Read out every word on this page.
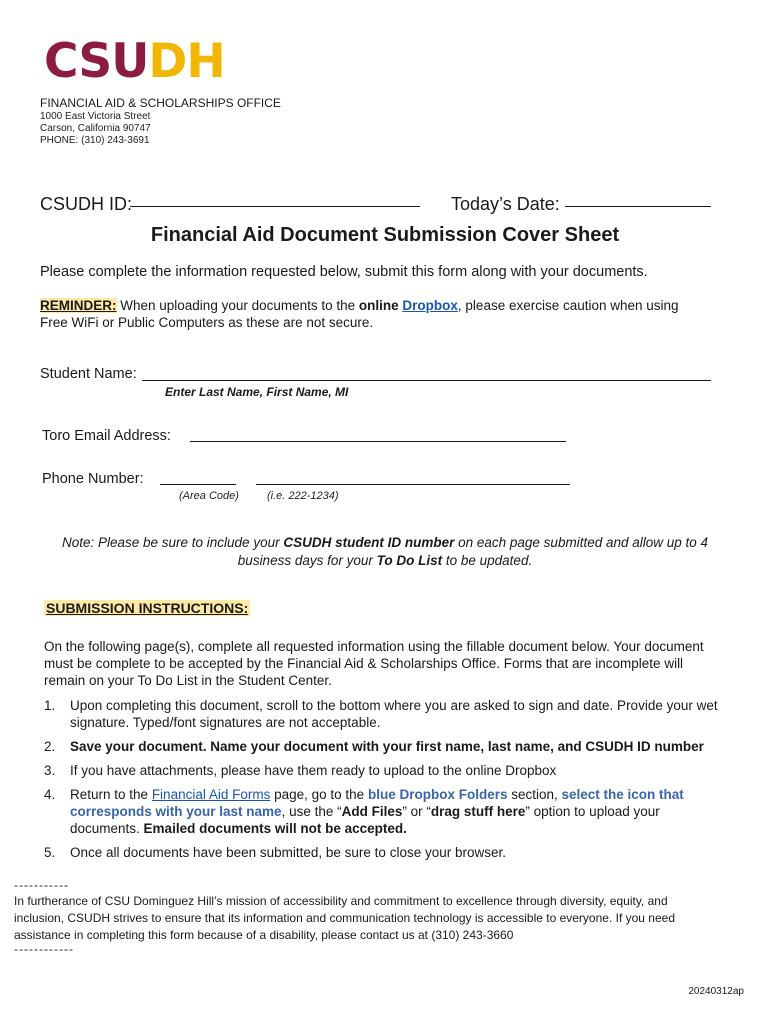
CSUDH
FINANCIAL AID & SCHOLARSHIPS OFFICE
1000 East Victoria Street
Carson, California 90747
PHONE: (310) 243-3691
CSUDH ID:	Today’s Date:
Financial Aid Document Submission Cover Sheet
Please complete the information requested below, submit this form along with your documents.
REMINDER: When uploading your documents to the online Dropbox, please exercise caution when using
Free WiFi or Public Computers as these are not secure.
Student Name:
Enter Last Name, First Name, MI
Toro Email Address:
Phone Number:
(Area Code)	(i.e. 222-1234)
Note: Please be sure to include your CSUDH student ID number on each page submitted and allow up to 4
business days for your To Do List to be updated.
SUBMISSION INSTRUCTIONS:
On the following page(s), complete all requested information using the fillable document below. Your document must be complete to be accepted by the Financial Aid & Scholarships Office. Forms that are incomplete will remain on your To Do List in the Student Center.
1. Upon completing this document, scroll to the bottom where you are asked to sign and date. Provide your wet signature. Typed/font signatures are not acceptable.
2. Save your document. Name your document with your first name, last name, and CSUDH ID number
3. If you have attachments, please have them ready to upload to the online Dropbox
4. Return to the Financial Aid Forms page, go to the blue Dropbox Folders section, select the icon that corresponds with your last name, use the “Add Files” or “drag stuff here” option to upload your documents. Emailed documents will not be accepted.
5. Once all documents have been submitted, be sure to close your browser.
-----------
In furtherance of CSU Dominguez Hill’s mission of accessibility and commitment to excellence through diversity, equity, and inclusion, CSUDH strives to ensure that its information and communication technology is accessible to everyone. If you need assistance in completing this form because of a disability, please contact us at (310) 243-3660
------------
20240312ap
